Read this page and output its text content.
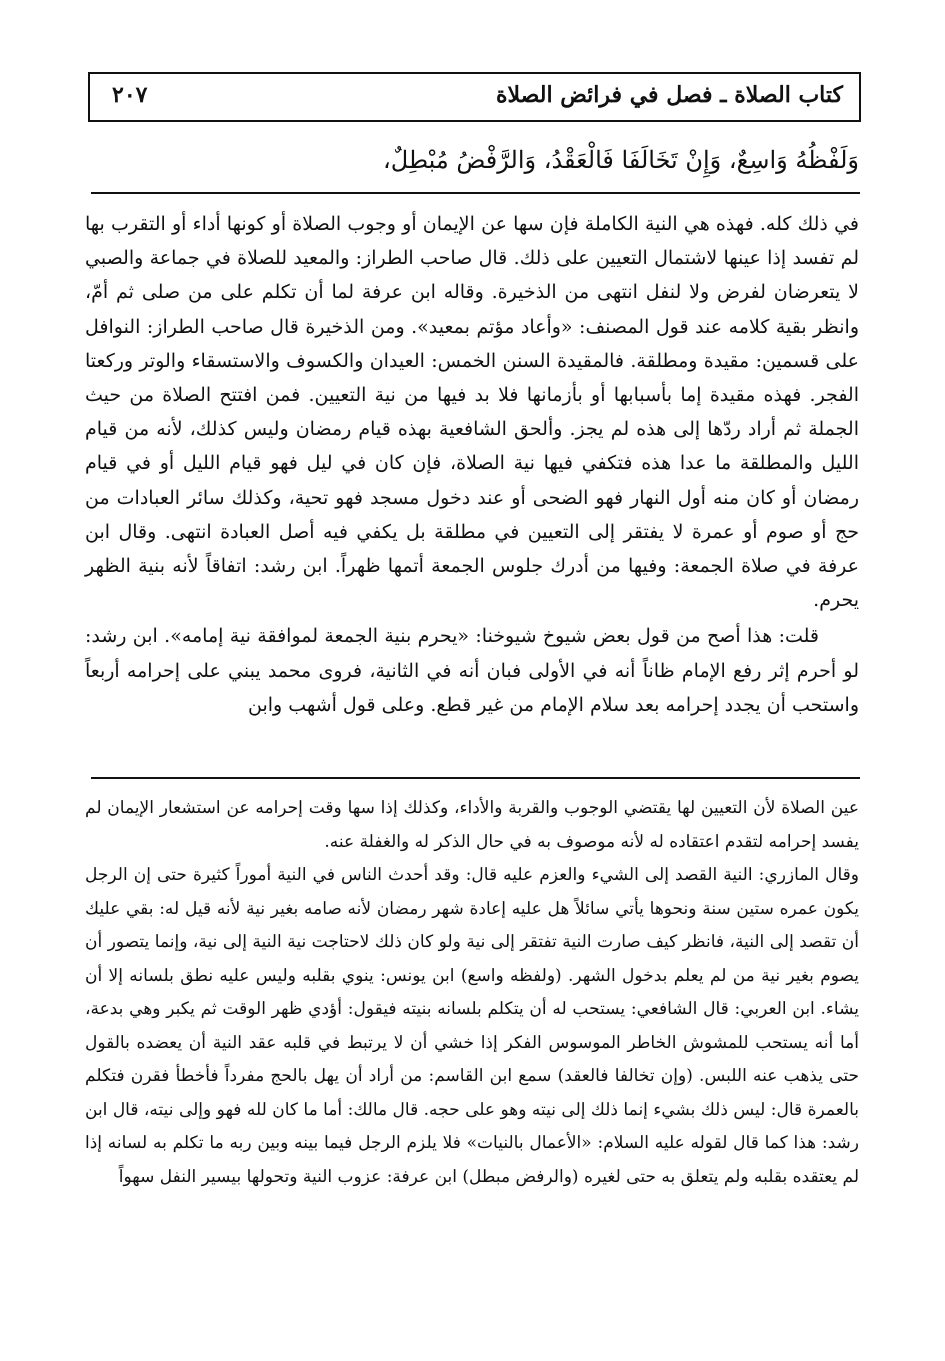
كتاب الصلاة ـ فصل في فرائض الصلاة
٢٠٧
وَلَفْظُهُ وَاسِعٌ، وَإِنْ تَخَالَفَا فَالْعَقْدُ، وَالرَّفْضُ مُبْطِلٌ،

في ذلك كله. فهذه هي النية الكاملة فإن سها عن الإيمان أو وجوب الصلاة أو كونها أداء أو التقرب بها لم تفسد إذا عينها لاشتمال التعيين على ذلك. قال صاحب الطراز: والمعيد للصلاة في جماعة والصبي لا يتعرضان لفرض ولا لنفل انتهى من الذخيرة. وقاله ابن عرفة لما أن تكلم على من صلى ثم أمّ، وانظر بقية كلامه عند قول المصنف: «وأعاد مؤتم بمعيد». ومن الذخيرة قال صاحب الطراز: النوافل على قسمين: مقيدة ومطلقة. فالمقيدة السنن الخمس: العيدان والكسوف والاستسقاء والوتر وركعتا الفجر. فهذه مقيدة إما بأسبابها أو بأزمانها فلا بد فيها من نية التعيين. فمن افتتح الصلاة من حيث الجملة ثم أراد ردّها إلى هذه لم يجز. وألحق الشافعية بهذه قيام رمضان وليس كذلك، لأنه من قيام الليل والمطلقة ما عدا هذه فتكفي فيها نية الصلاة، فإن كان في ليل فهو قيام الليل أو في قيام رمضان أو كان منه أول النهار فهو الضحى أو عند دخول مسجد فهو تحية، وكذلك سائر العبادات من حج أو صوم أو عمرة لا يفتقر إلى التعيين في مطلقة بل يكفي فيه أصل العبادة انتهى. وقال ابن عرفة في صلاة الجمعة: وفيها من أدرك جلوس الجمعة أتمها ظهراً. ابن رشد: اتفاقاً لأنه بنية الظهر يحرم.

قلت: هذا أصح من قول بعض شيوخ شيوخنا: «يحرم بنية الجمعة لموافقة نية إمامه». ابن رشد: لو أحرم إثر رفع الإمام ظاناً أنه في الأولى فبان أنه في الثانية، فروى محمد يبني على إحرامه أربعاً واستحب أن يجدد إحرامه بعد سلام الإمام من غير قطع. وعلى قول أشهب وابن

عين الصلاة لأن التعيين لها يقتضي الوجوب والقربة والأداء، وكذلك إذا سها وقت إحرامه عن استشعار الإيمان لم يفسد إحرامه لتقدم اعتقاده له لأنه موصوف به في حال الذكر له والغفلة عنه.

وقال المازري: النية القصد إلى الشيء والعزم عليه قال: وقد أحدث الناس في النية أموراً كثيرة حتى إن الرجل يكون عمره ستين سنة ونحوها يأتي سائلاً هل عليه إعادة شهر رمضان لأنه صامه بغير نية لأنه قيل له: بقي عليك أن تقصد إلى النية، فانظر كيف صارت النية تفتقر إلى نية ولو كان ذلك لاحتاجت نية النية إلى نية، وإنما يتصور أن يصوم بغير نية من لم يعلم بدخول الشهر. (ولفظه واسع) ابن يونس: ينوي بقلبه وليس عليه نطق بلسانه إلا أن يشاء. ابن العربي: قال الشافعي: يستحب له أن يتكلم بلسانه بنيته فيقول: أؤدي ظهر الوقت ثم يكبر وهي بدعة، أما أنه يستحب للمشوش الخاطر الموسوس الفكر إذا خشي أن لا يرتبط في قلبه عقد النية أن يعضده بالقول حتى يذهب عنه اللبس. (وإن تخالفا فالعقد) سمع ابن القاسم: من أراد أن يهل بالحج مفرداً فأخطأ فقرن فتكلم بالعمرة قال: ليس ذلك بشيء إنما ذلك إلى نيته وهو على حجه. قال مالك: أما ما كان لله فهو وإلى نيته، قال ابن رشد: هذا كما قال لقوله عليه السلام: «الأعمال بالنيات» فلا يلزم الرجل فيما بينه وبين ربه ما تكلم به لسانه إذا لم يعتقده بقلبه ولم يتعلق به حتى لغيره (والرفض مبطل) ابن عرفة: عزوب النية وتحولها بيسير النفل سهواً
